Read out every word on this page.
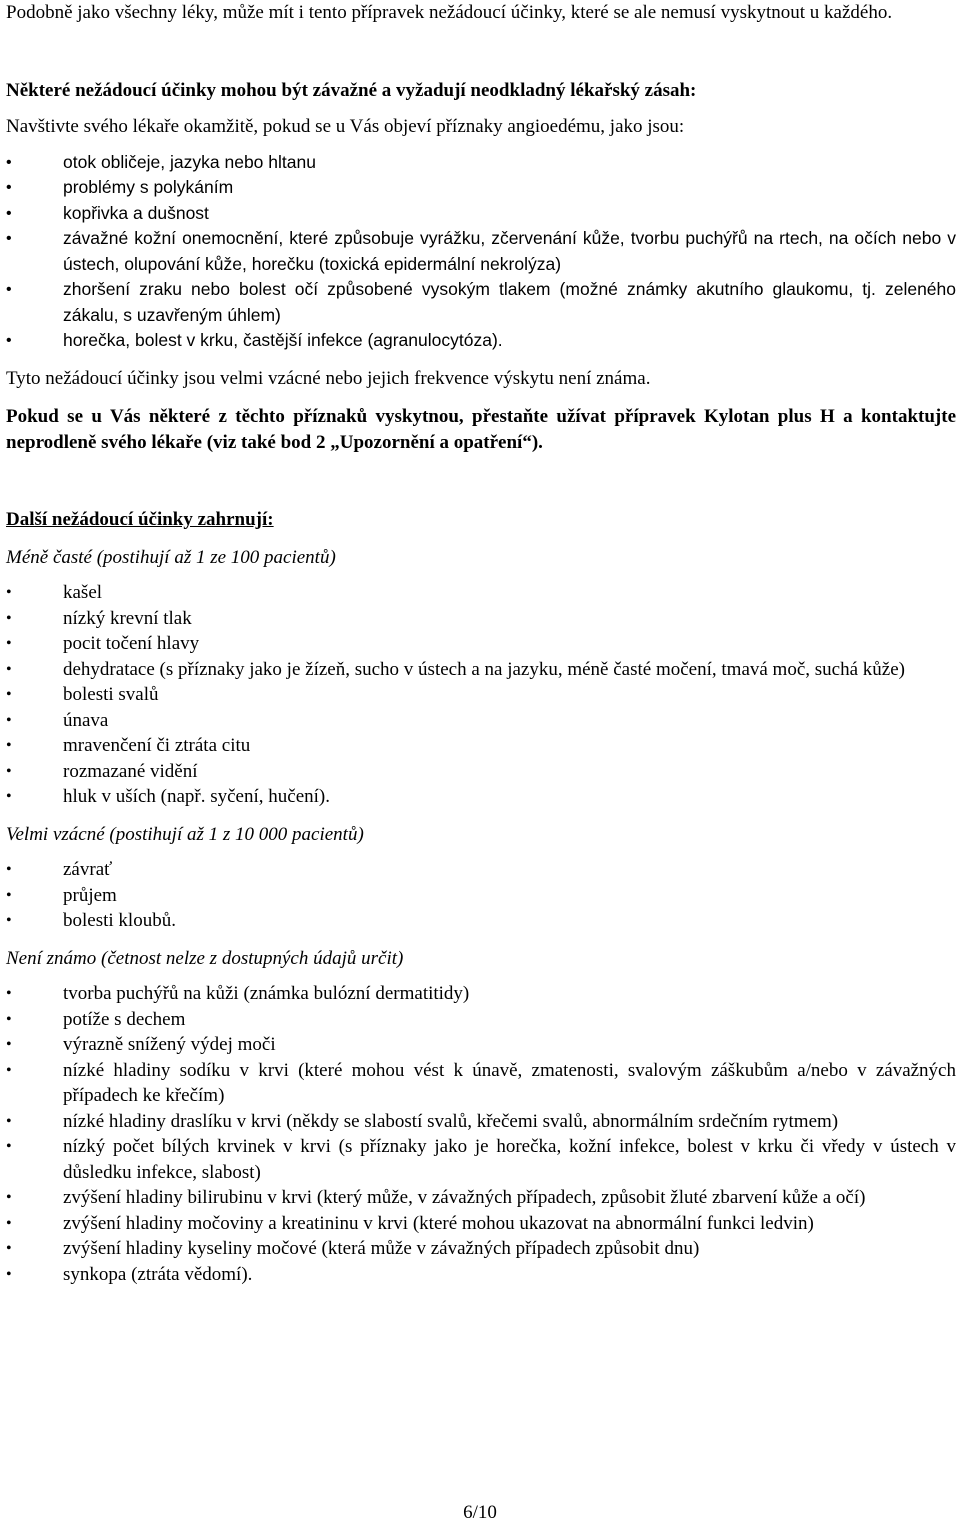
Podobně jako všechny léky, může mít i tento přípravek nežádoucí účinky, které se ale nemusí vyskytnout u každého.

Některé nežádoucí účinky mohou být závažné a vyžadují neodkladný lékařský zásah:

Navštivte svého lékaře okamžitě, pokud se u Vás objeví příznaky angioedému, jako jsou:

•	otok obličeje, jazyka nebo hltanu
•	problémy s polykáním
•	kopřivka a dušnost
•	závažné kožní onemocnění, které způsobuje vyrážku, zčervenání kůže, tvorbu puchýřů na rtech, na očích nebo v ústech, olupování kůže, horečku (toxická epidermální nekrolýza)
•	zhoršení zraku nebo bolest očí způsobené vysokým tlakem (možné známky akutního glaukomu, tj. zeleného zákalu, s uzavřeným úhlem)
•	horečka, bolest v krku, častější infekce (agranulocytóza).

Tyto nežádoucí účinky jsou velmi vzácné nebo jejich frekvence výskytu není známa.

Pokud se u Vás některé z těchto příznaků vyskytnou, přestaňte užívat přípravek Kylotan plus H a kontaktujte neprodleně svého lékaře (viz také bod 2 „Upozornění a opatření“).

Další nežádoucí účinky zahrnují:

Méně časté (postihují až 1 ze 100 pacientů)

•	kašel
•	nízký krevní tlak
•	pocit točení hlavy
•	dehydratace (s příznaky jako je žízeň, sucho v ústech a na jazyku, méně časté močení, tmavá moč, suchá kůže)
•	bolesti svalů
•	únava
•	mravenčení či ztráta citu
•	rozmazané vidění
•	hluk v uších (např. syčení, hučení).

Velmi vzácné (postihují až 1 z 10 000 pacientů)

•	závrať
•	průjem
•	bolesti kloubů.

Není známo (četnost nelze z dostupných údajů určit)

•	tvorba puchýřů na kůži (známka bulózní dermatitidy)
•	potíže s dechem
•	výrazně snížený výdej moči
•	nízké hladiny sodíku v krvi (které mohou vést k únavě, zmatenosti, svalovým záškubům a/nebo v závažných případech ke křečím)
•	nízké hladiny draslíku v krvi (někdy se slabostí svalů, křečemi svalů, abnormálním srdečním rytmem)
•	nízký počet bílých krvinek v krvi (s příznaky jako je horečka, kožní infekce, bolest v krku či vředy v ústech v důsledku infekce, slabost)
•	zvýšení hladiny bilirubinu v krvi (který může, v závažných případech, způsobit žluté zbarvení kůže a očí)
•	zvýšení hladiny močoviny a kreatininu v krvi (které mohou ukazovat na abnormální funkci ledvin)
•	zvýšení hladiny kyseliny močové (která může v závažných případech způsobit dnu)
•	synkopa (ztráta vědomí).
6/10
